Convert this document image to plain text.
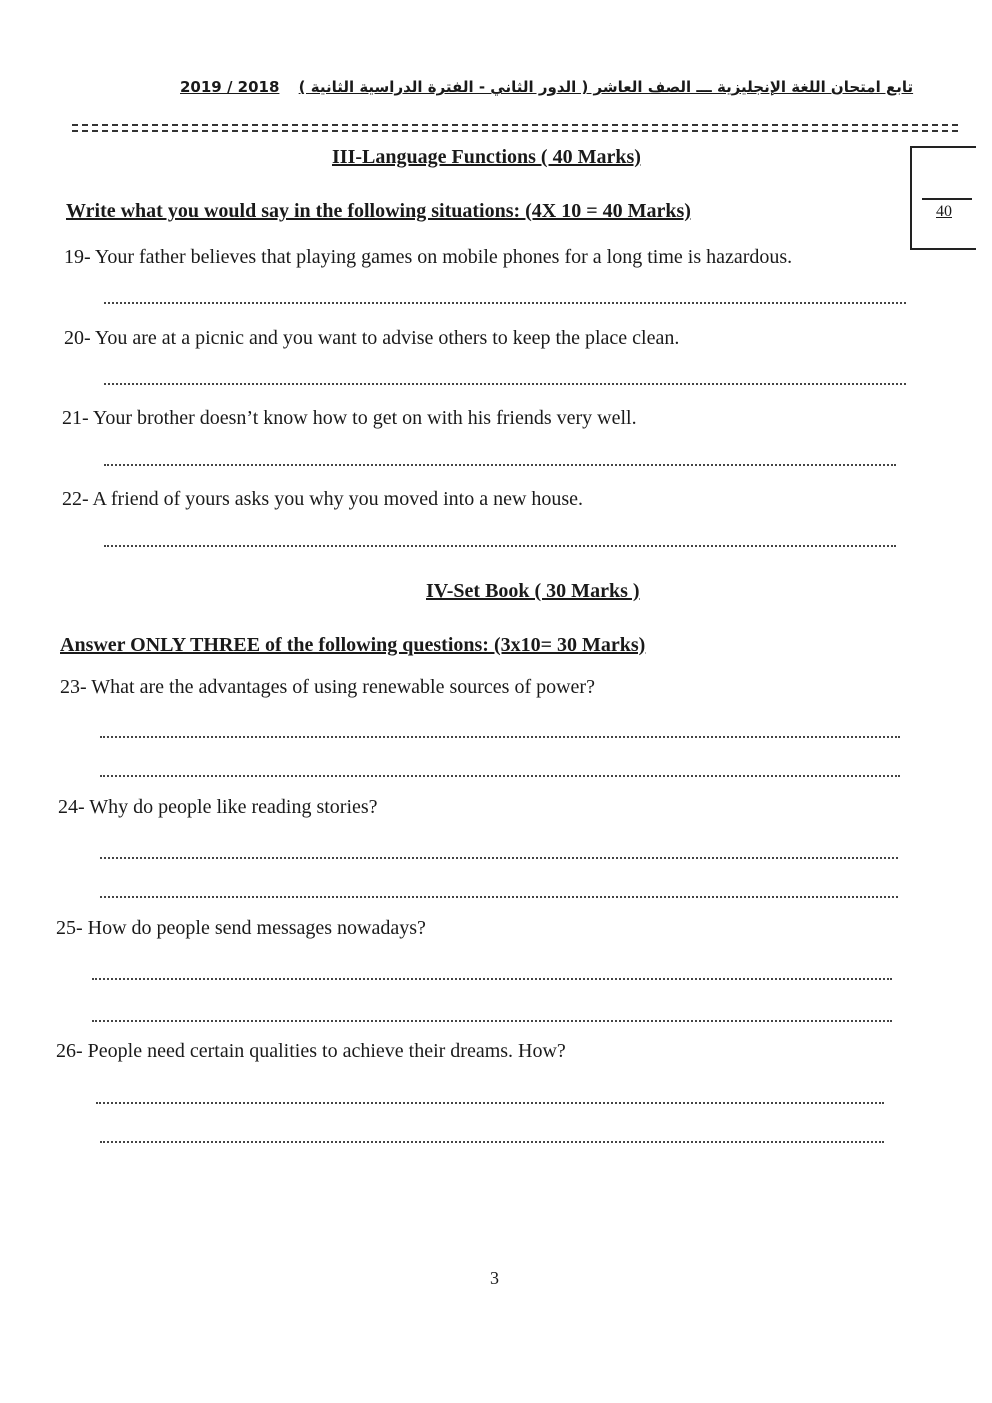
2019 / 2018 تابع امتحان اللغة الإنجليزية ـــ الصف العاشر ( الدور الثاني - الفترة الدراسية الثانية )
40
III-Language Functions ( 40 Marks)
Write what you would say in the following situations: (4X 10 = 40 Marks)
19- Your father believes that playing games on mobile phones for a long time is hazardous.
20- You are at a picnic and you want to advise others to keep the place clean.
21- Your brother doesn’t know how to get on with his friends very well.
22- A friend of yours asks you why you moved into a new house.
IV-Set Book ( 30 Marks )
Answer ONLY THREE of the following questions: (3x10= 30 Marks)
23- What are the advantages of using renewable sources of power?
24- Why do people like reading stories?
25- How do people send messages nowadays?
26- People need certain qualities to achieve their dreams. How?
3
